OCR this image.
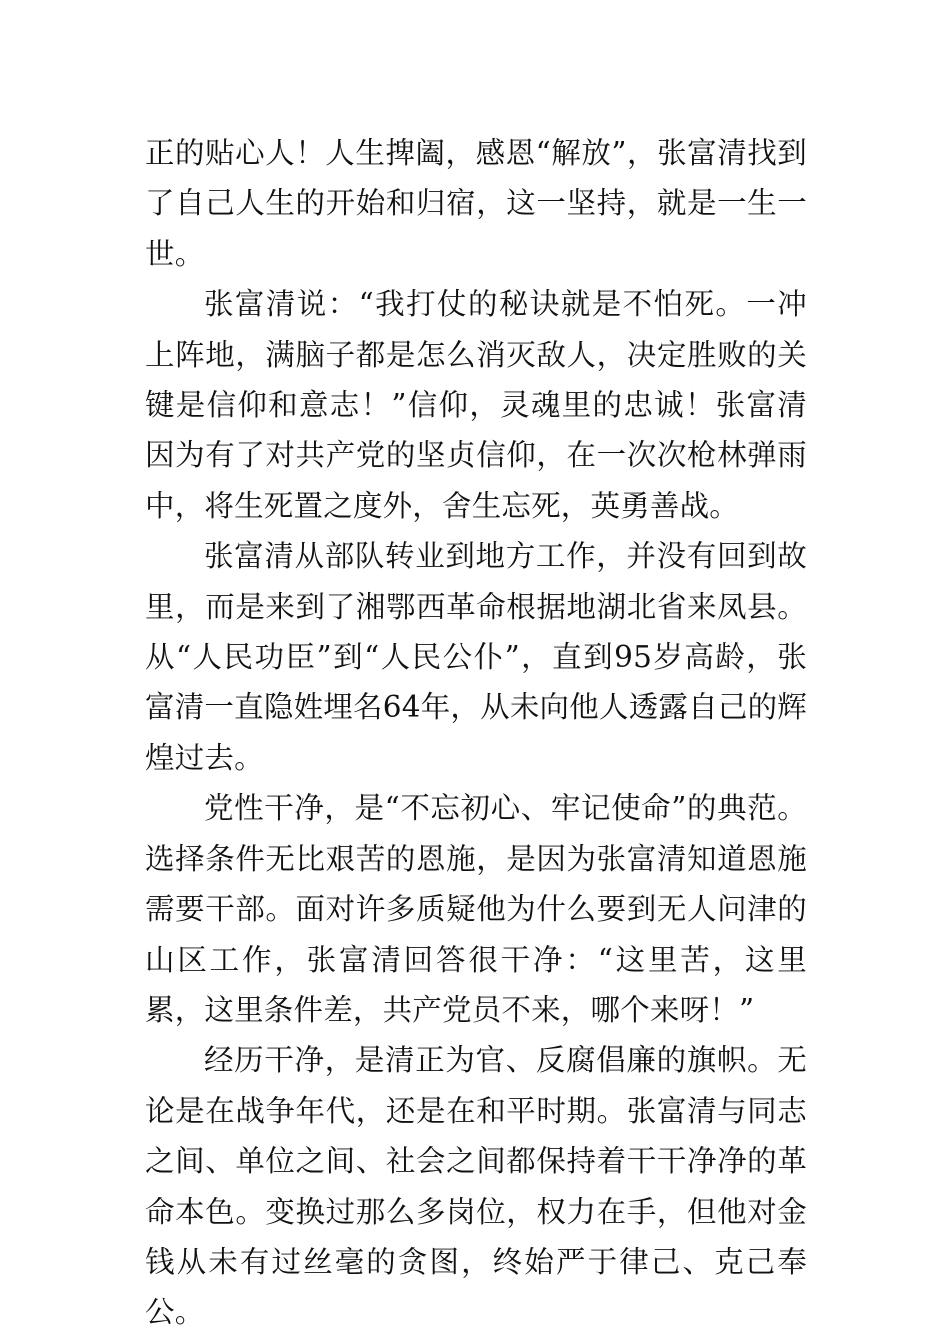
正的贴心人！人生捭阖，感恩“解放”，张富清找到了自己人生的开始和归宿，这一坚持，就是一生一世。

张富清说：“我打仗的秘诀就是不怕死。一冲上阵地，满脑子都是怎么消灭敌人，决定胜败的关键是信仰和意志！”信仰，灵魂里的忠诚！张富清因为有了对共产党的坚贞信仰，在一次次枪林弹雨中，将生死置之度外，舍生忘死，英勇善战。

张富清从部队转业到地方工作，并没有回到故里，而是来到了湘鄂西革命根据地湖北省来凤县。从“人民功臣”到“人民公仆”，直到95岁高龄，张富清一直隐姓埋名64年，从未向他人透露自己的辉煌过去。

党性干净，是“不忘初心、牢记使命”的典范。选择条件无比艰苦的恩施，是因为张富清知道恩施需要干部。面对许多质疑他为什么要到无人问津的山区工作，张富清回答很干净：“这里苦，这里累，这里条件差，共产党员不来，哪个来呀！”

经历干净，是清正为官、反腐倡廉的旗帜。无论是在战争年代，还是在和平时期。张富清与同志之间、单位之间、社会之间都保持着干干净净的革命本色。变换过那么多岗位，权力在手，但他对金钱从未有过丝毫的贪图，终始严于律己、克己奉公。
